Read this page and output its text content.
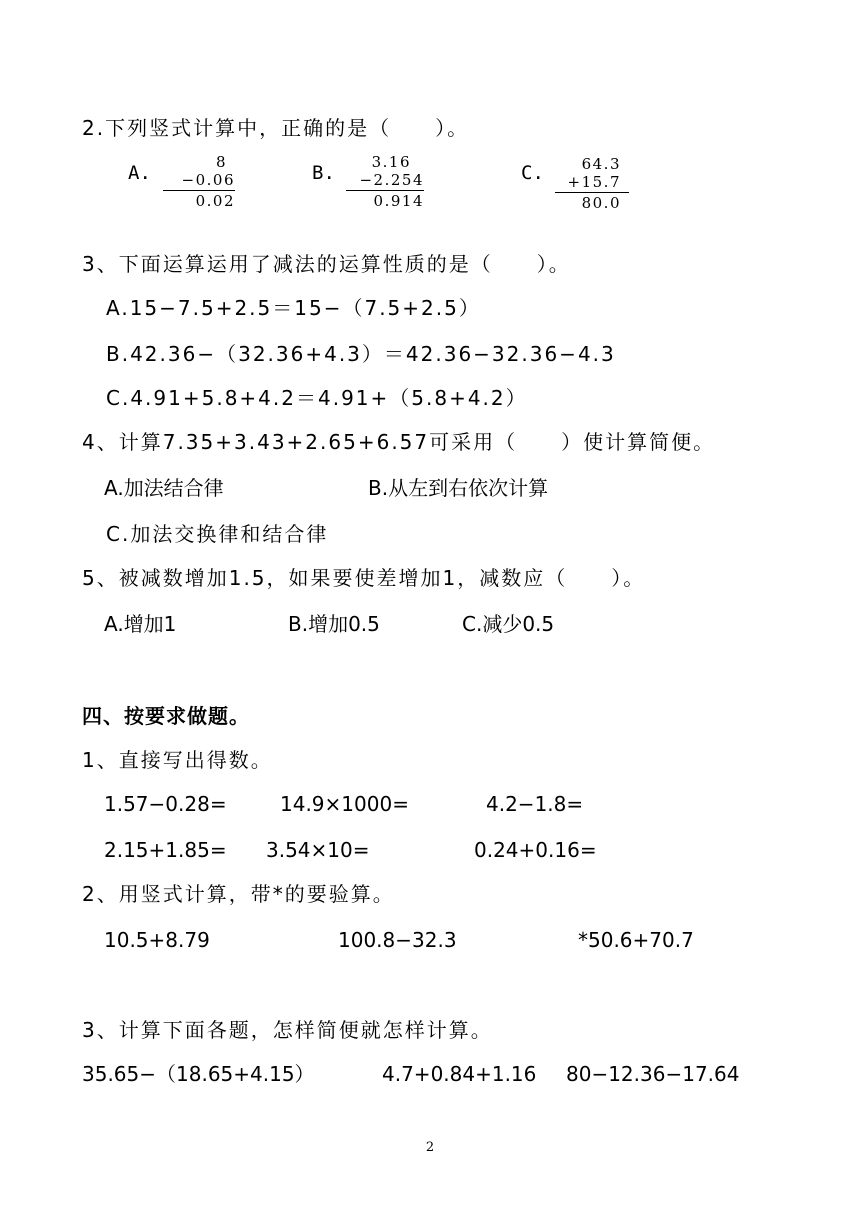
2.下列竖式计算中，正确的是（　　）。
A.	8
−0.06
0.02
B.	3.16
−2.254
0.914
C.	64.3
+15.7
80.0
3、下面运算运用了减法的运算性质的是（　　）。
A.15−7.5+2.5＝15−（7.5+2.5）
B.42.36−（32.36+4.3）＝42.36−32.36−4.3
C.4.91+5.8+4.2＝4.91+（5.8+4.2）
4、计算7.35+3.43+2.65+6.57可采用（　　）使计算简便。
A.加法结合律	B.从左到右依次计算
C.加法交换律和结合律
5、被减数增加1.5，如果要使差增加1，减数应（　　）。
A.增加1	B.增加0.5	C.减少0.5
四、按要求做题。
1、直接写出得数。
1.57−0.28=	14.9×1000=	4.2−1.8=
2.15+1.85= 3.54×10=	0.24+0.16=
2、用竖式计算，带*的要验算。
10.5+8.79	100.8−32.3	*50.6+70.7
3、计算下面各题，怎样简便就怎样计算。
35.65−（18.65+4.15）	4.7+0.84+1.16 80−12.36−17.64
2
